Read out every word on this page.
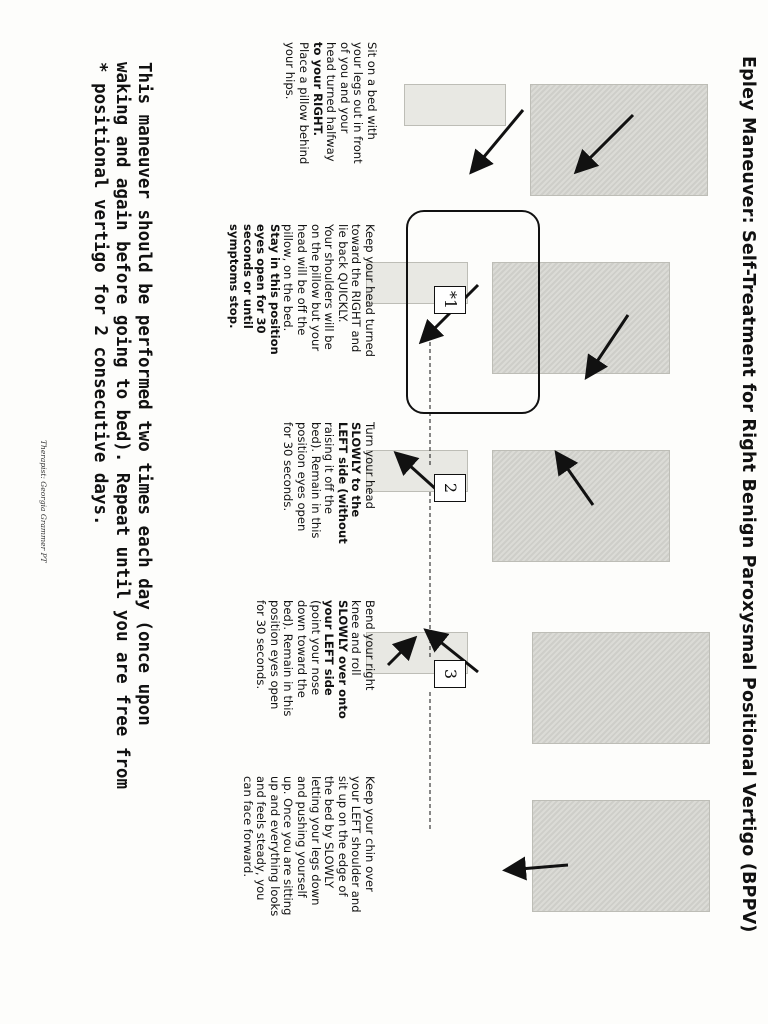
Epley Maneuver: Self-Treatment for Right Benign Paroxysmal Positional Vertigo (BPPV)
*1
2
3
Sit on a bed with
your legs out in front
of you and your
head turned halfway
to your RIGHT.
Place a pillow behind
your hips.
Keep your head turned
toward the RIGHT and
lie back QUICKLY.
Your shoulders will be
on the pillow but your
head will be off the
pillow, on the bed.
Stay in this position
eyes open for 30
seconds or until
symptoms stop.
Turn your head
SLOWLY to the
LEFT side (without
raising it off the
bed). Remain in this
position eyes open
for 30 seconds.
Bend your right
knee and roll
SLOWLY over onto
your LEFT side
(point your nose
down toward the
bed). Remain in this
position eyes open
for 30 seconds.
Keep your chin over
your LEFT shoulder and
sit up on the edge of
the bed by SLOWLY
letting your legs down
and pushing yourself
up. Once you are sitting
up and everything looks
and feels steady, you
can face forward.
This maneuver should be performed two times each day (once upon
waking and again before going to bed). Repeat until you are free from
* positional vertigo for 2 consecutive days.
Therapist: Georgia Grammer PT
